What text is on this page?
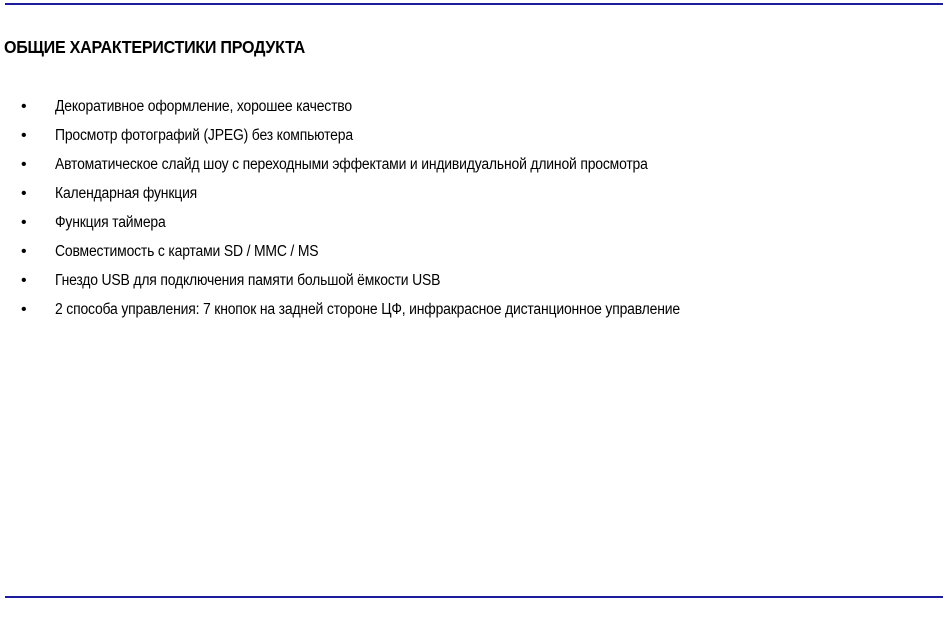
ОБЩИЕ ХАРАКТЕРИСТИКИ ПРОДУКТА
• Декоративное оформление, хорошее качество
• Просмотр фотографий (JPEG) без компьютера
• Автоматическое слайд шоу с переходными эффектами и индивидуальной длиной просмотра
• Календарная функция
• Функция таймера
• Совместимость с картами SD / MMC / MS
• Гнездо USB для подключения памяти большой ёмкости USB
• 2 способа управления: 7 кнопок на задней стороне ЦФ, инфракрасное дистанционное управление
